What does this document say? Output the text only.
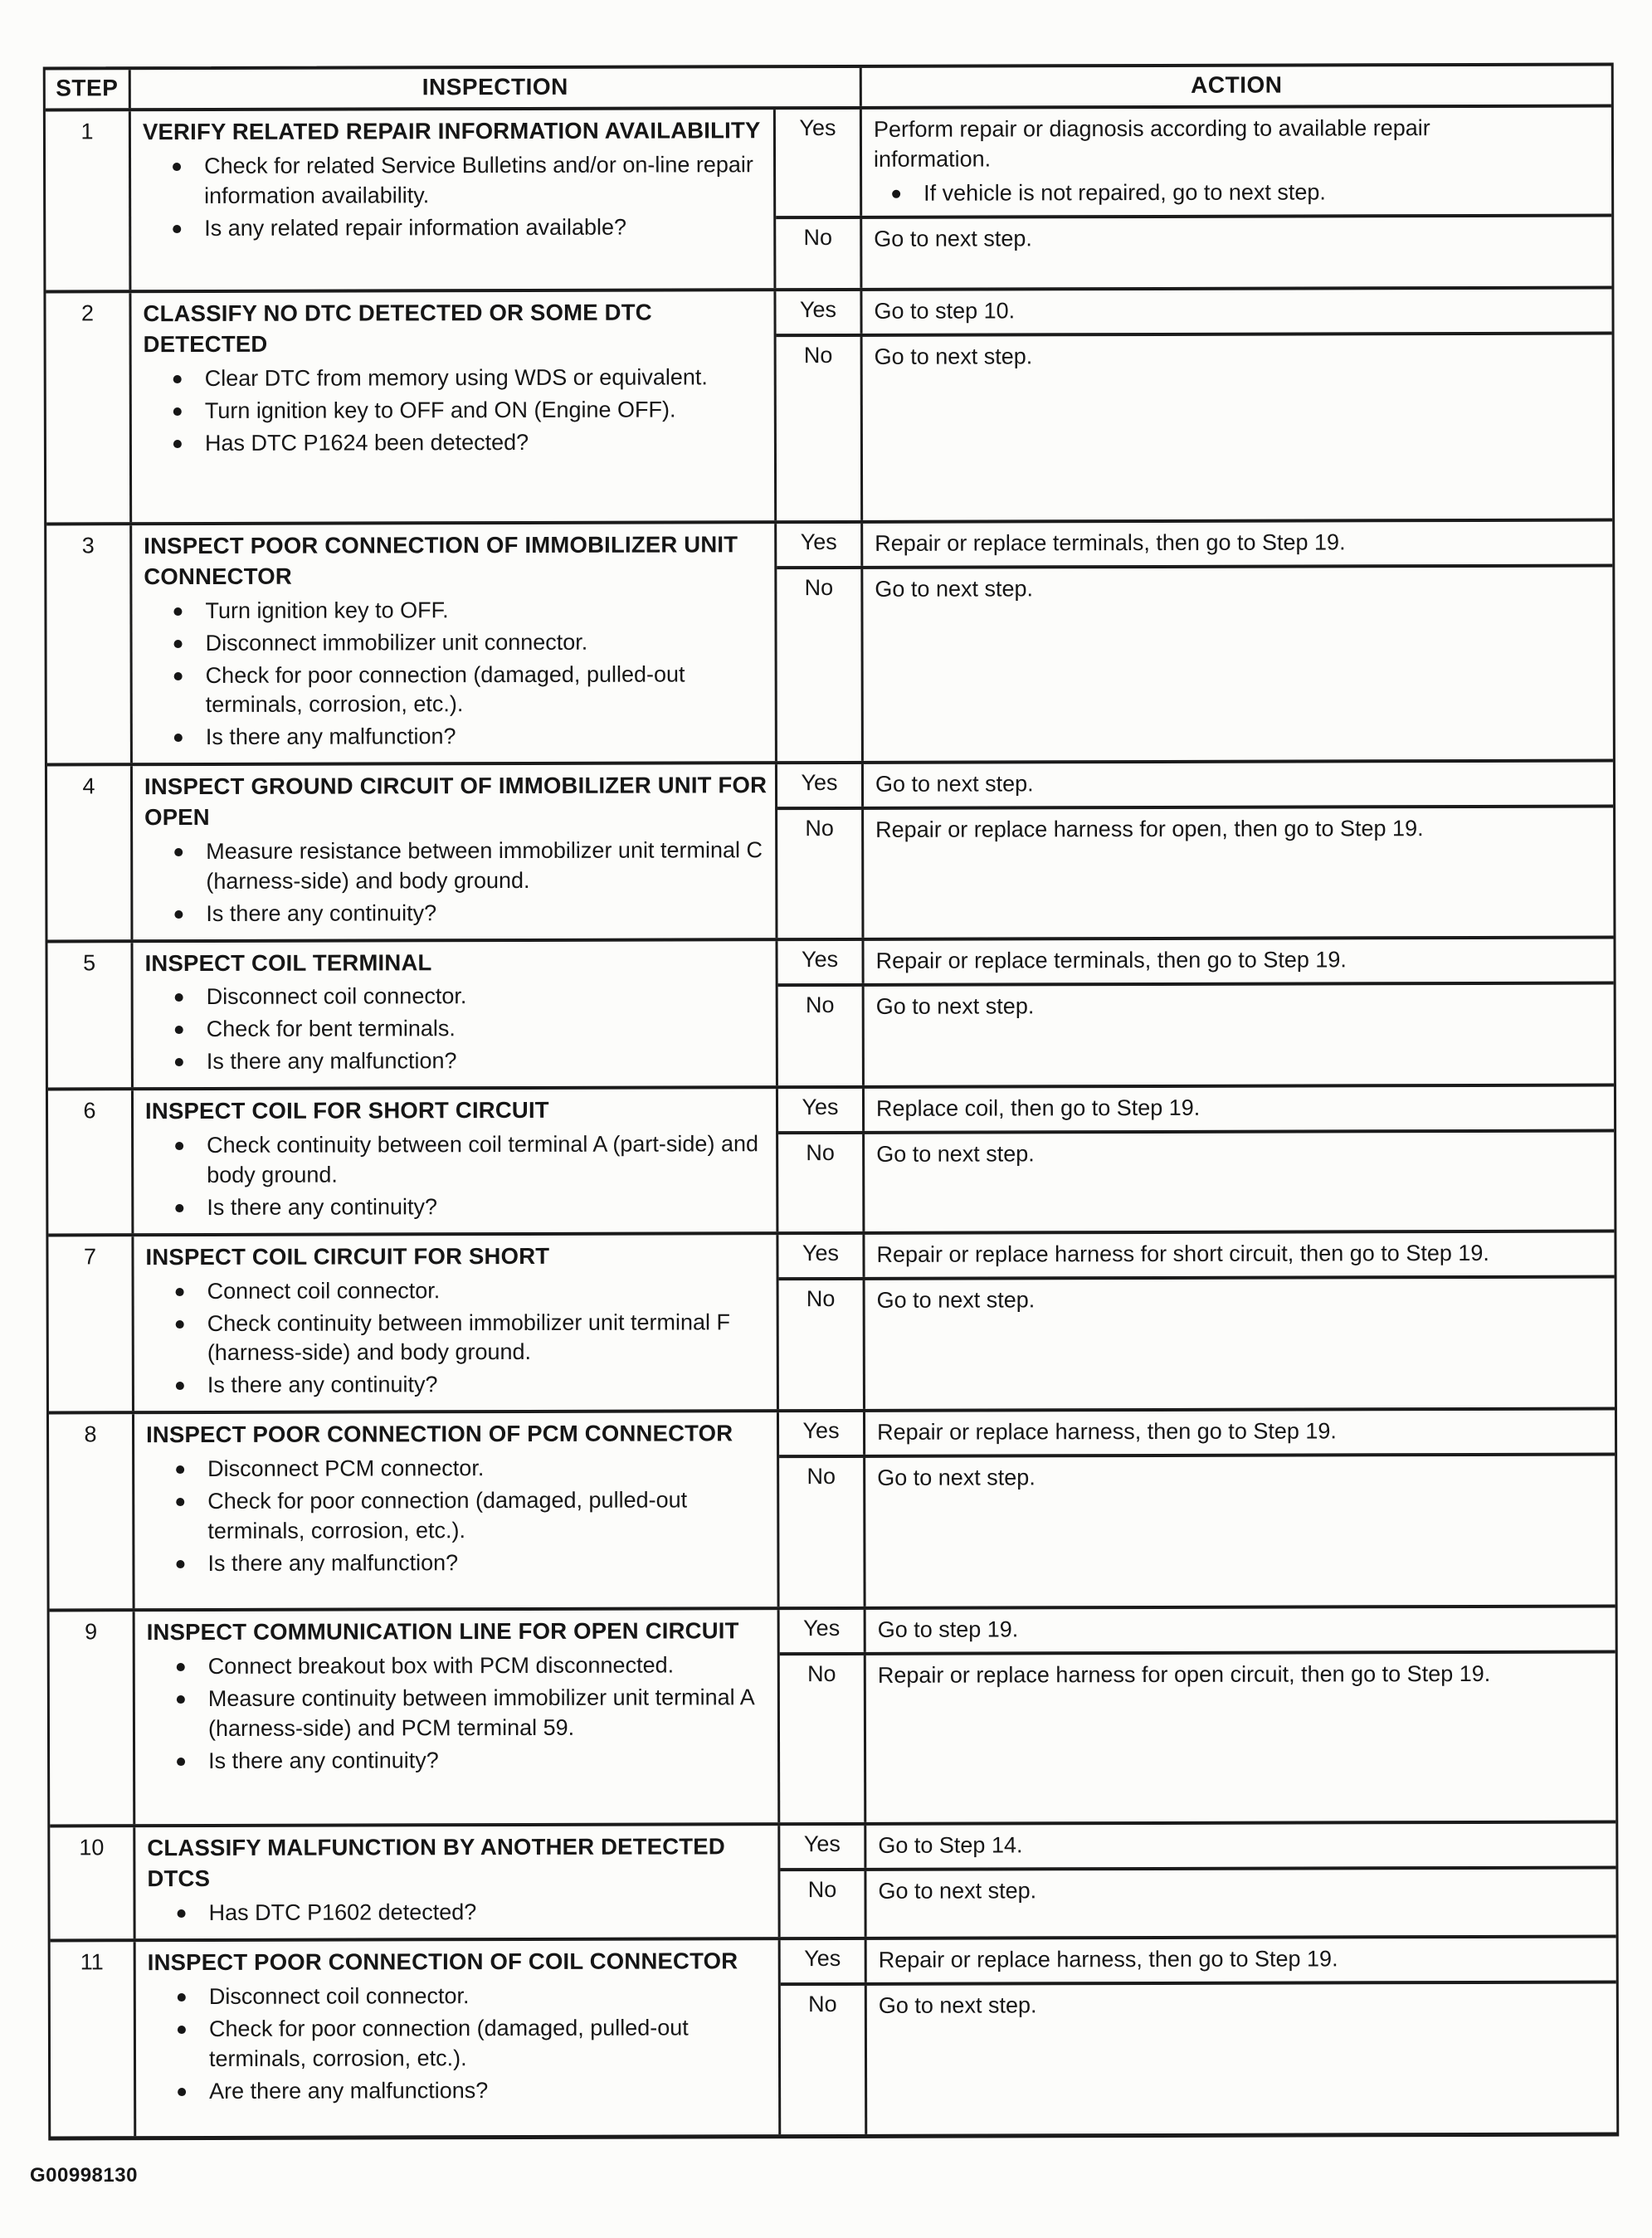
STEP	INSPECTION	ACTION
1	VERIFY RELATED REPAIR INFORMATION AVAILABILITY
Check for related Service Bulletins and/or on-line repair information availability.
Is any related repair information available?
Yes	Perform repair or diagnosis according to available repair information.
If vehicle is not repaired, go to next step.
No	Go to next step.
2	CLASSIFY NO DTC DETECTED OR SOME DTC DETECTED
Clear DTC from memory using WDS or equivalent.
Turn ignition key to OFF and ON (Engine OFF).
Has DTC P1624 been detected?
Yes	Go to step 10.
No	Go to next step.
3	INSPECT POOR CONNECTION OF IMMOBILIZER UNIT CONNECTOR
Turn ignition key to OFF.
Disconnect immobilizer unit connector.
Check for poor connection (damaged, pulled-out terminals, corrosion, etc.).
Is there any malfunction?
Yes	Repair or replace terminals, then go to Step 19.
No	Go to next step.
4	INSPECT GROUND CIRCUIT OF IMMOBILIZER UNIT FOR OPEN
Measure resistance between immobilizer unit terminal C (harness-side) and body ground.
Is there any continuity?
Yes	Go to next step.
No	Repair or replace harness for open, then go to Step 19.
5	INSPECT COIL TERMINAL
Disconnect coil connector.
Check for bent terminals.
Is there any malfunction?
Yes	Repair or replace terminals, then go to Step 19.
No	Go to next step.
6	INSPECT COIL FOR SHORT CIRCUIT
Check continuity between coil terminal A (part-side) and body ground.
Is there any continuity?
Yes	Replace coil, then go to Step 19.
No	Go to next step.
7	INSPECT COIL CIRCUIT FOR SHORT
Connect coil connector.
Check continuity between immobilizer unit terminal F (harness-side) and body ground.
Is there any continuity?
Yes	Repair or replace harness for short circuit, then go to Step 19.
No	Go to next step.
8	INSPECT POOR CONNECTION OF PCM CONNECTOR
Disconnect PCM connector.
Check for poor connection (damaged, pulled-out terminals, corrosion, etc.).
Is there any malfunction?
Yes	Repair or replace harness, then go to Step 19.
No	Go to next step.
9	INSPECT COMMUNICATION LINE FOR OPEN CIRCUIT
Connect breakout box with PCM disconnected.
Measure continuity between immobilizer unit terminal A (harness-side) and PCM terminal 59.
Is there any continuity?
Yes	Go to step 19.
No	Repair or replace harness for open circuit, then go to Step 19.
10	CLASSIFY MALFUNCTION BY ANOTHER DETECTED DTCS
Has DTC P1602 detected?
Yes	Go to Step 14.
No	Go to next step.
11	INSPECT POOR CONNECTION OF COIL CONNECTOR
Disconnect coil connector.
Check for poor connection (damaged, pulled-out terminals, corrosion, etc.).
Are there any malfunctions?
Yes	Repair or replace harness, then go to Step 19.
No	Go to next step.
G00998130
